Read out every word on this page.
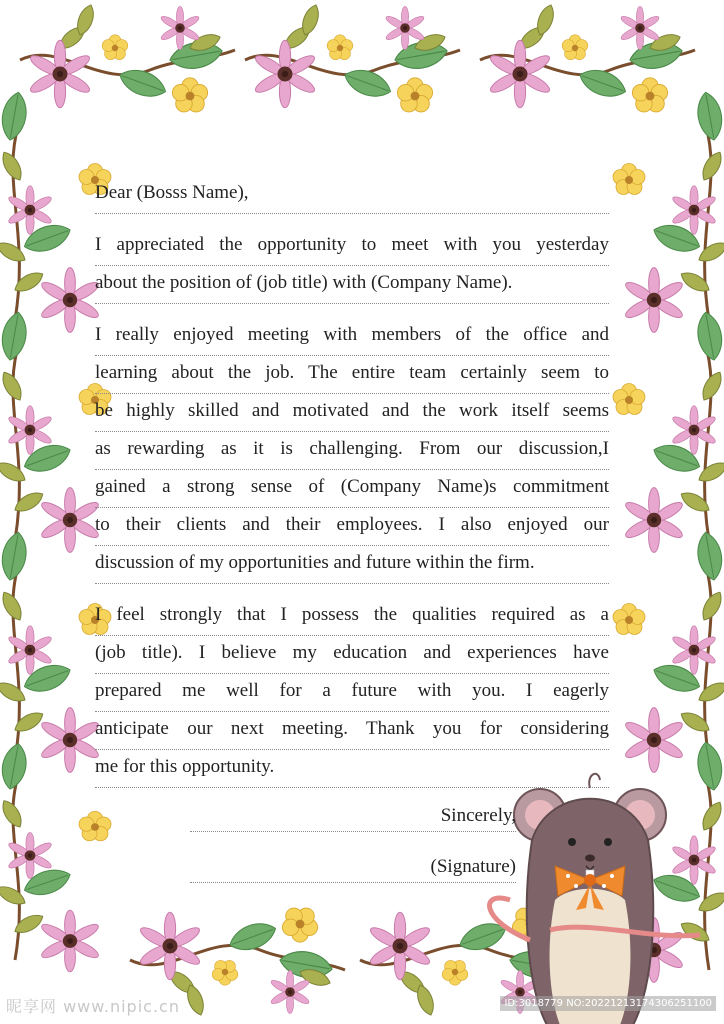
Dear (Bosss Name),
I appreciated the opportunity to meet with you yesterday
about the position of (job title) with (Company Name).
I really enjoyed meeting with members of the office and
learning about the job. The entire team certainly seem to
be highly skilled and motivated and the work itself seems
as rewarding as it is challenging. From our discussion,I
gained a strong sense of (Company Name)s commitment
to their clients and their employees. I also enjoyed our
discussion of my opportunities and future within the firm.
I feel strongly that I possess the qualities required as a
(job title). I believe my education and experiences have
prepared me well for a future with you. I eagerly
anticipate our next meeting. Thank you for considering
me for this opportunity.
Sincerely,
(Signature)
昵享网 www.nipic.cn	ID:3018779 NO:20221213174306251100
